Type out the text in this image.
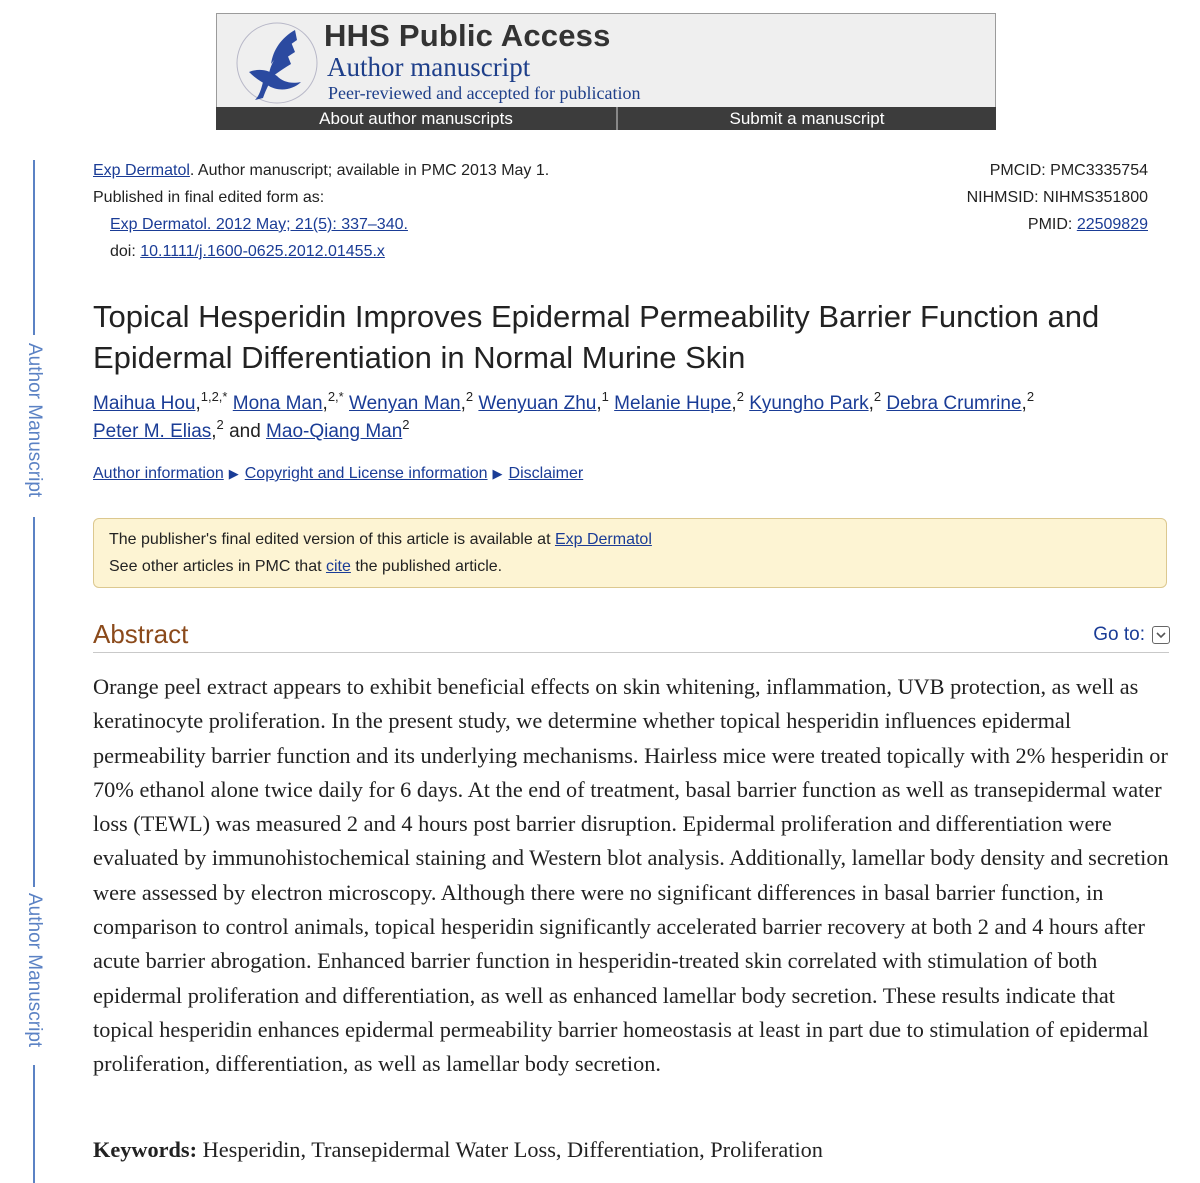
HHS Public Access
Author manuscript
Peer-reviewed and accepted for publication
About author manuscripts	Submit a manuscript
Author Manuscript
Author Manuscript
Exp Dermatol. Author manuscript; available in PMC 2013 May 1.
Published in final edited form as:
Exp Dermatol. 2012 May; 21(5): 337–340.
doi: 10.1111/j.1600-0625.2012.01455.x
PMCID: PMC3335754
NIHMSID: NIHMS351800
PMID: 22509829
Topical Hesperidin Improves Epidermal Permeability Barrier Function and Epidermal Differentiation in Normal Murine Skin
Maihua Hou,$^{1,2,*}$ Mona Man,$^{2,*}$ Wenyan Man,$^2$ Wenyuan Zhu,$^1$ Melanie Hupe,$^2$ Kyungho Park,$^2$ Debra Crumrine,$^2$
Peter M. Elias,$^2$ and Mao-Qiang Man$^2$
Author information ▶ Copyright and License information ▶ Disclaimer
The publisher's final edited version of this article is available at Exp Dermatol
See other articles in PMC that cite the published article.
Abstract	Go to:
Orange peel extract appears to exhibit beneficial effects on skin whitening, inflammation, UVB protection, as well as keratinocyte proliferation. In the present study, we determine whether topical hesperidin influences epidermal permeability barrier function and its underlying mechanisms. Hairless mice were treated topically with 2% hesperidin or 70% ethanol alone twice daily for 6 days. At the end of treatment, basal barrier function as well as transepidermal water loss (TEWL) was measured 2 and 4 hours post barrier disruption. Epidermal proliferation and differentiation were evaluated by immunohistochemical staining and Western blot analysis. Additionally, lamellar body density and secretion were assessed by electron microscopy. Although there were no significant differences in basal barrier function, in comparison to control animals, topical hesperidin significantly accelerated barrier recovery at both 2 and 4 hours after acute barrier abrogation. Enhanced barrier function in hesperidin-treated skin correlated with stimulation of both epidermal proliferation and differentiation, as well as enhanced lamellar body secretion. These results indicate that topical hesperidin enhances epidermal permeability barrier homeostasis at least in part due to stimulation of epidermal proliferation, differentiation, as well as lamellar body secretion.
Keywords: Hesperidin, Transepidermal Water Loss, Differentiation, Proliferation
